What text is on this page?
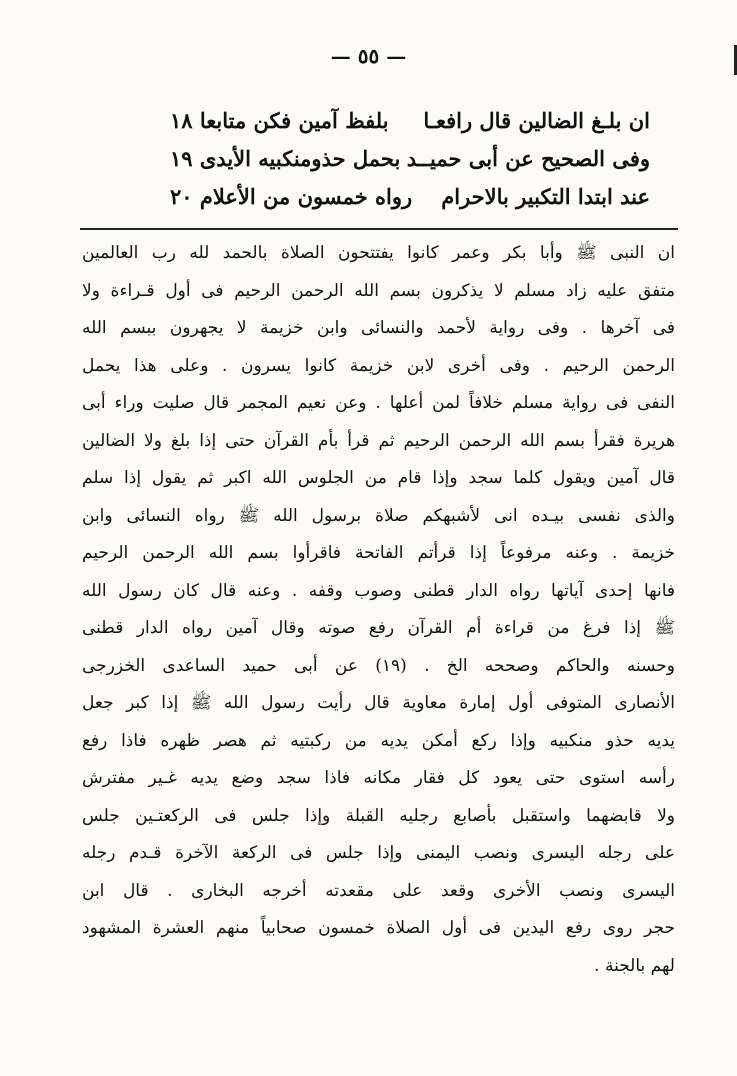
— ٥٥ —
ان بلـغ الضالين قال رافعـا
بلفظ آمين فكن متابعا ١٨
وفى الصحيح عن أبى حميــد
بحمل حذومنكبيه الأيدى ١٩
عند ابتدا التكبير بالاحرام
رواه خمسون من الأعلام ٢٠
ان النبى ﷺ وأبا بكر وعمر كانوا يفتتحون الصلاة بالحمد لله رب العالمين
متفق عليه زاد مسلم لا يذكرون بسم الله الرحمن الرحيم فى أول قـراءة ولا
فى آخرها . وفى رواية لأحمد والنسائى وابن خزيمة لا يجهرون ببسم الله
الرحمن الرحيم . وفى أخرى لابن خزيمة كانوا يسرون . وعلى هذا يحمل
النفى فى رواية مسلم خلافاً لمن أعلها . وعن نعيم المجمر قال صليت وراء أبى
هريرة فقرأ بسم الله الرحمن الرحيم ثم قرأ بأم القرآن حتى إذا بلغ ولا الضالين
قال آمين ويقول كلما سجد وإذا قام من الجلوس الله اكبر ثم يقول إذا سلم
والذى نفسى بيـده انى لأشبهكم صلاة برسول الله ﷺ رواه النسائى وابن
خزيمة . وعنه مرفوعاً إذا قرأتم الفاتحة فاقرأوا بسم الله الرحمن الرحيم
فانها إحدى آياتها رواه الدار قطنى وصوب وقفه . وعنه قال كان رسول الله
ﷺ إذا فرغ من قراءة أم القرآن رفع صوته وقال آمين رواه الدار قطنى
وحسنه والحاكم وصححه الخ . (١٩) عن أبى حميد الساعدى الخزرجى
الأنصارى المتوفى أول إمارة معاوية قال رأيت رسول الله ﷺ إذا كبر جعل
يديه حذو منكبيه وإذا ركع أمكن يديه من ركبتيه ثم هصر ظهره فاذا رفع
رأسه استوى حتى يعود كل فقار مكانه فاذا سجد وضع يديه غـير مفترش
ولا قابضهما واستقبل بأصابع رجليه القبلة وإذا جلس فى الركعتـين جلس
على رجله اليسرى ونصب اليمنى وإذا جلس فى الركعة الآخرة قـدم رجله
اليسرى ونصب الأخرى وقعد على مقعدته أخرجه البخارى . قال ابن
حجر روى رفع اليدين فى أول الصلاة خمسون صحابياً منهم العشرة المشهود
لهم بالجنة .
